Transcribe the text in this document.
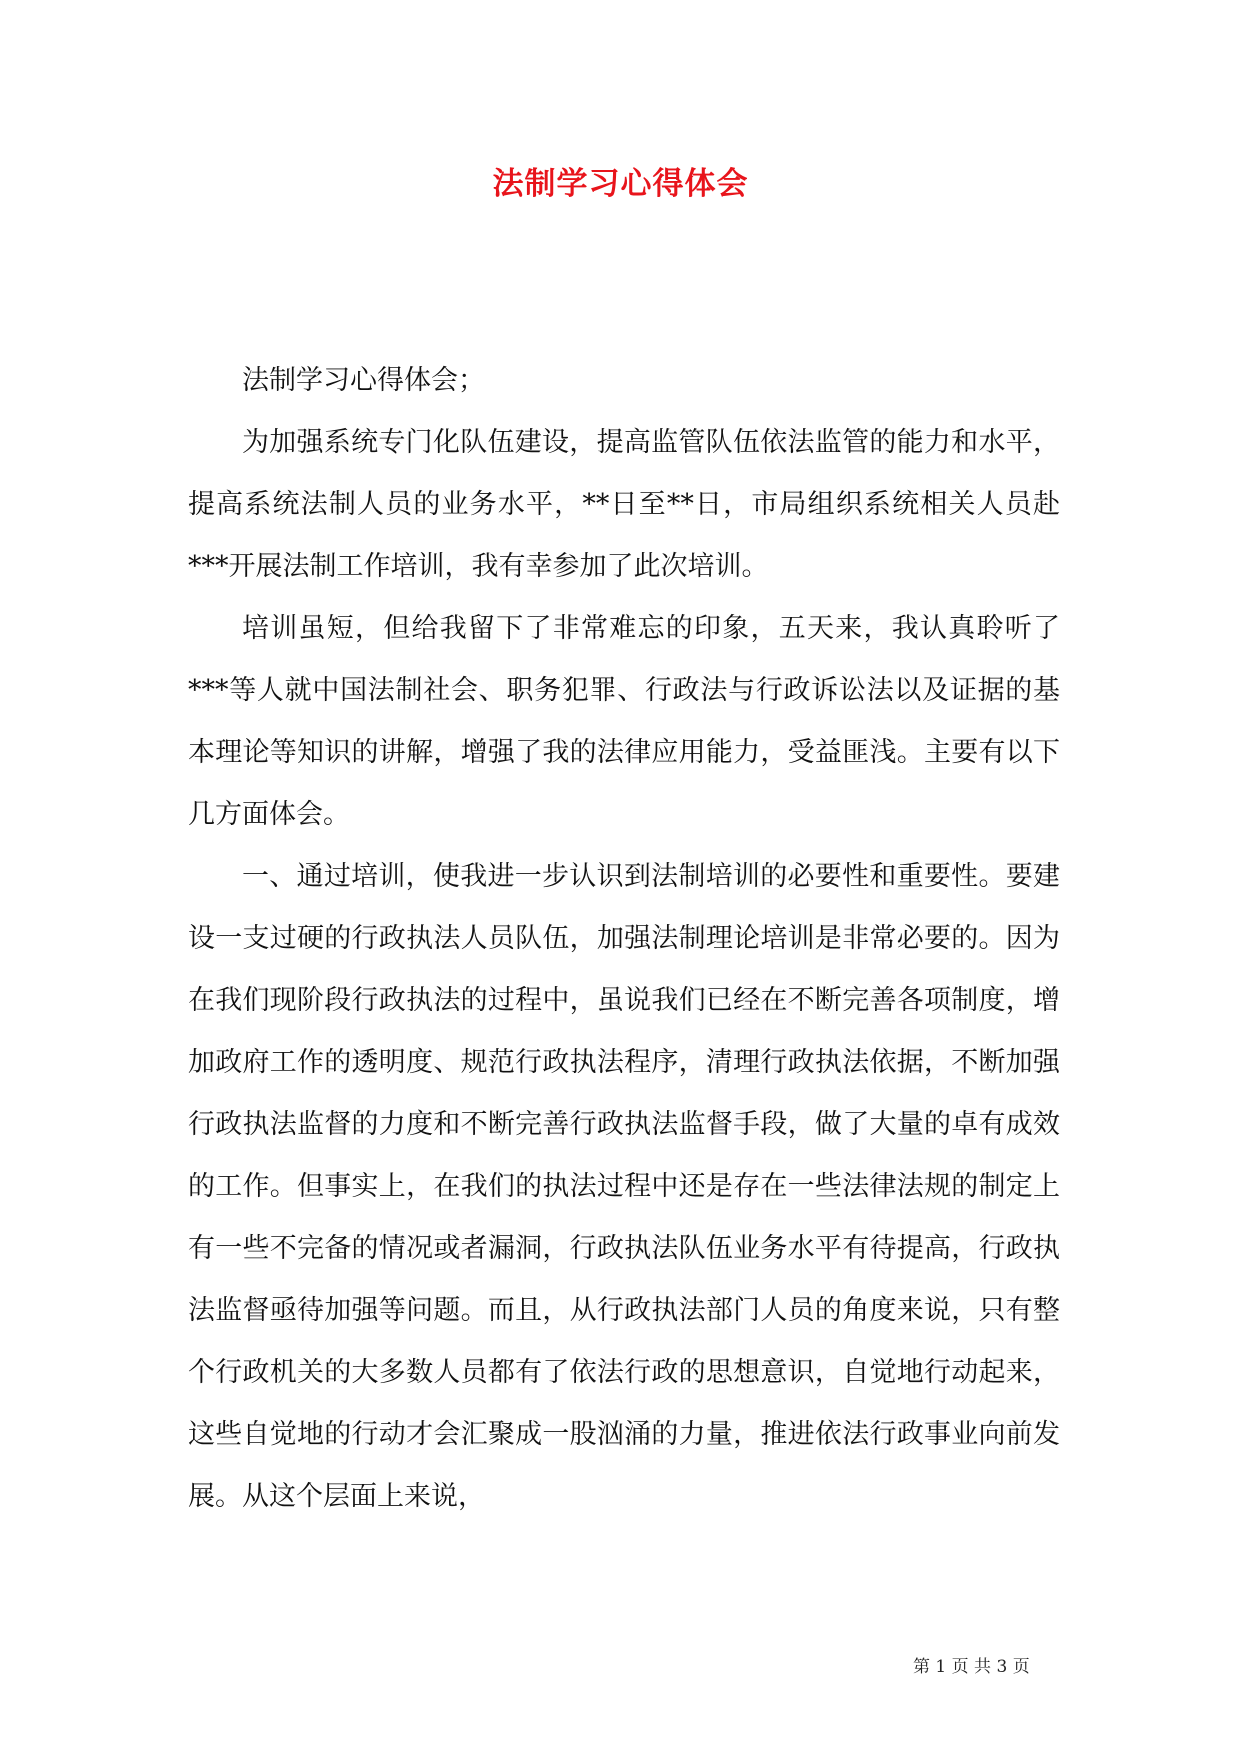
法制学习心得体会

法制学习心得体会；

为加强系统专门化队伍建设，提高监管队伍依法监管的能力和水平，提高系统法制人员的业务水平，**日至**日，市局组织系统相关人员赴***开展法制工作培训，我有幸参加了此次培训。

培训虽短，但给我留下了非常难忘的印象，五天来，我认真聆听了***等人就中国法制社会、职务犯罪、行政法与行政诉讼法以及证据的基本理论等知识的讲解，增强了我的法律应用能力，受益匪浅。主要有以下几方面体会。

一、通过培训，使我进一步认识到法制培训的必要性和重要性。要建设一支过硬的行政执法人员队伍，加强法制理论培训是非常必要的。因为在我们现阶段行政执法的过程中，虽说我们已经在不断完善各项制度，增加政府工作的透明度、规范行政执法程序，清理行政执法依据，不断加强行政执法监督的力度和不断完善行政执法监督手段，做了大量的卓有成效的工作。但事实上，在我们的执法过程中还是存在一些法律法规的制定上有一些不完备的情况或者漏洞，行政执法队伍业务水平有待提高，行政执法监督亟待加强等问题。而且，从行政执法部门人员的角度来说，只有整个行政机关的大多数人员都有了依法行政的思想意识，自觉地行动起来，这些自觉地的行动才会汇聚成一股汹涌的力量，推进依法行政事业向前发展。从这个层面上来说，

第 1 页 共 3 页
